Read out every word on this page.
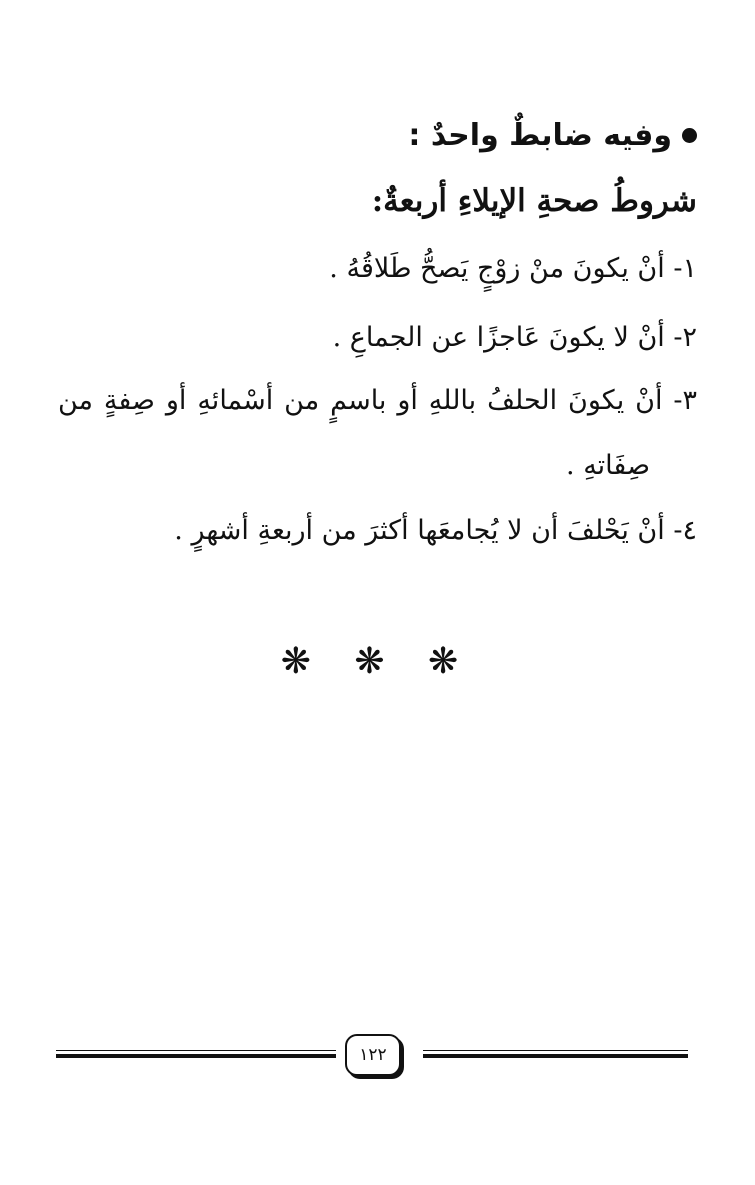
وفيه ضابطٌ واحدٌ :
شروطُ صحةِ الإيلاءِ أربعةٌ:
١- أنْ يكونَ منْ زوْجٍ يَصحُّ طَلاقُهُ .
٢- أنْ لا يكونَ عَاجزًا عن الجماعِ .
٣- أنْ يكونَ الحلفُ باللهِ أو باسمٍ من أسْمائهِ أو صِفةٍ من
صِفَاتهِ .
٤- أنْ يَحْلفَ أن لا يُجامعَها أكثرَ من أربعةِ أشهرٍ .
❋ ❋ ❋
١٢٢
